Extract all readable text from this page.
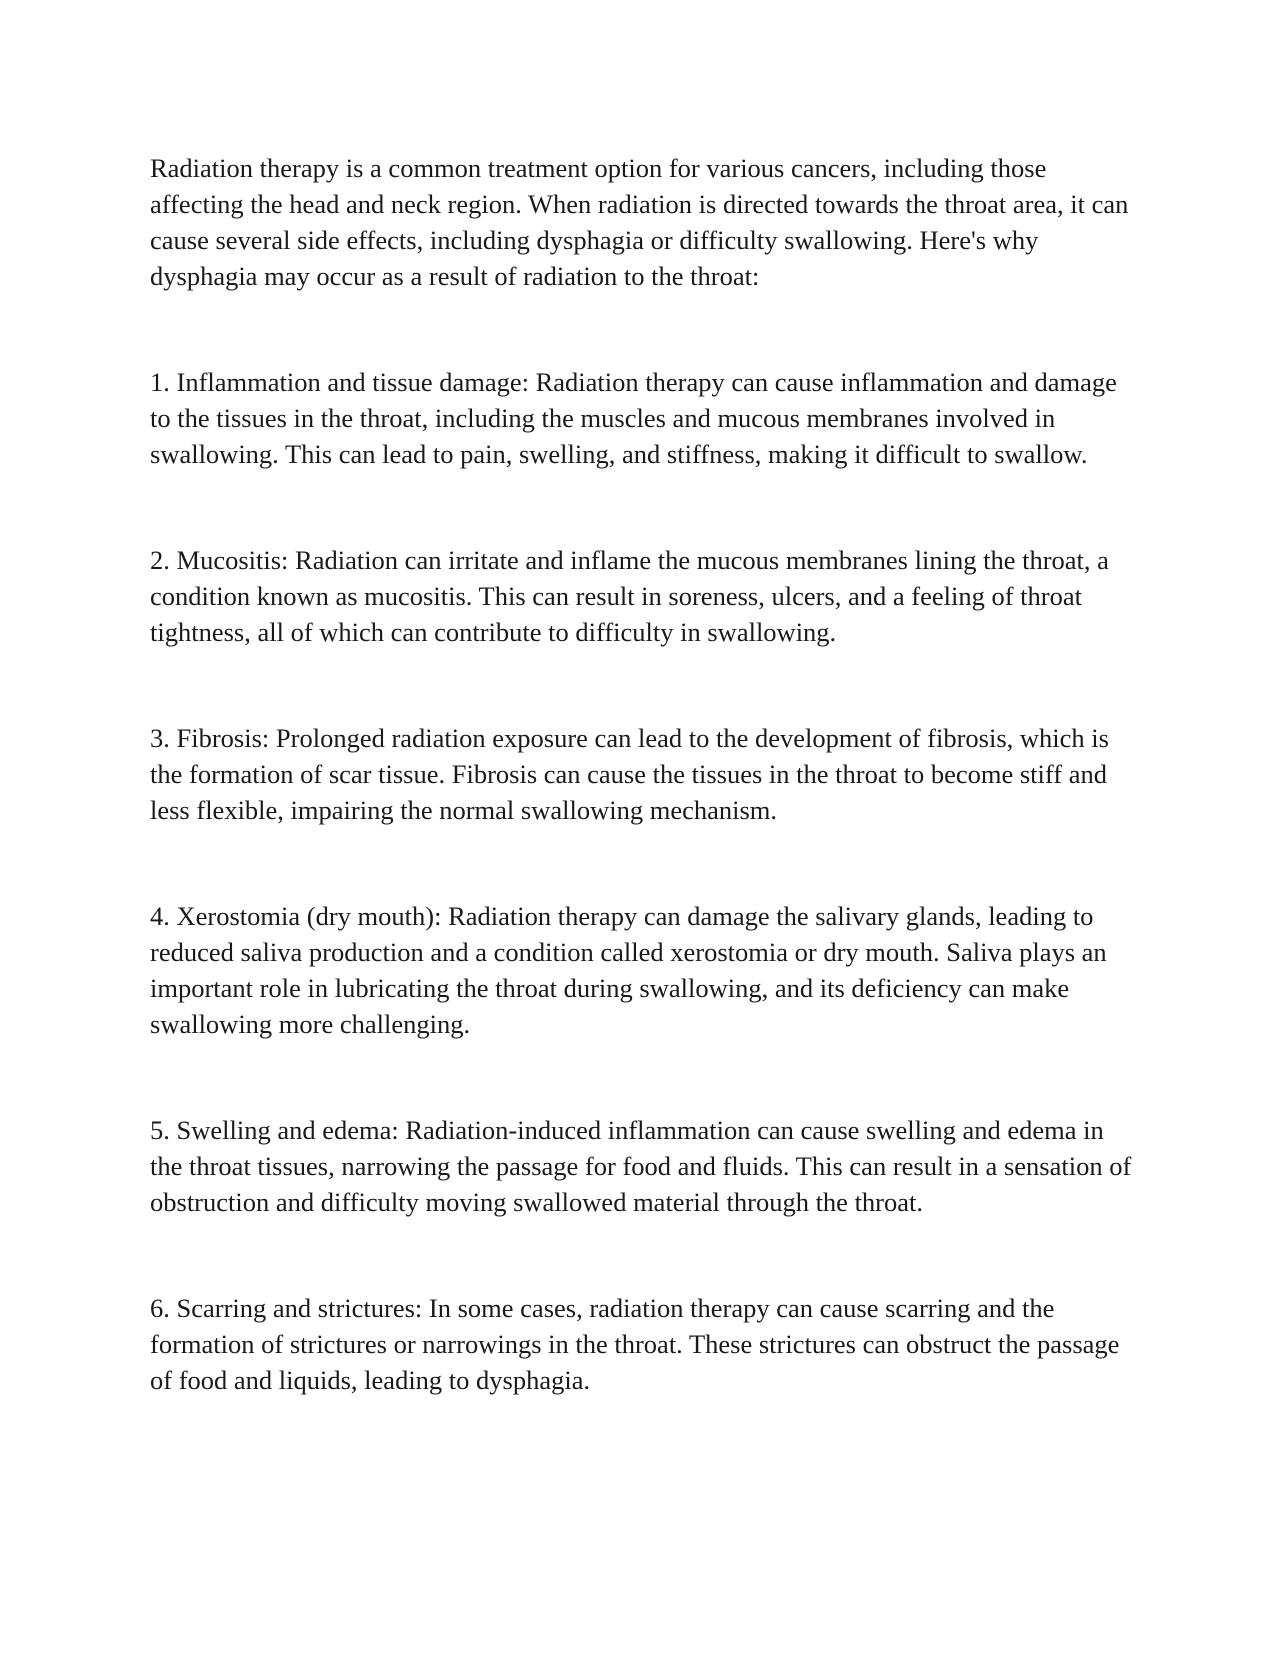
Radiation therapy is a common treatment option for various cancers, including those affecting the head and neck region. When radiation is directed towards the throat area, it can cause several side effects, including dysphagia or difficulty swallowing. Here's why dysphagia may occur as a result of radiation to the throat:

1. Inflammation and tissue damage: Radiation therapy can cause inflammation and damage to the tissues in the throat, including the muscles and mucous membranes involved in swallowing. This can lead to pain, swelling, and stiffness, making it difficult to swallow.

2. Mucositis: Radiation can irritate and inflame the mucous membranes lining the throat, a condition known as mucositis. This can result in soreness, ulcers, and a feeling of throat tightness, all of which can contribute to difficulty in swallowing.

3. Fibrosis: Prolonged radiation exposure can lead to the development of fibrosis, which is the formation of scar tissue. Fibrosis can cause the tissues in the throat to become stiff and less flexible, impairing the normal swallowing mechanism.

4. Xerostomia (dry mouth): Radiation therapy can damage the salivary glands, leading to reduced saliva production and a condition called xerostomia or dry mouth. Saliva plays an important role in lubricating the throat during swallowing, and its deficiency can make swallowing more challenging.

5. Swelling and edema: Radiation-induced inflammation can cause swelling and edema in the throat tissues, narrowing the passage for food and fluids. This can result in a sensation of obstruction and difficulty moving swallowed material through the throat.

6. Scarring and strictures: In some cases, radiation therapy can cause scarring and the formation of strictures or narrowings in the throat. These strictures can obstruct the passage of food and liquids, leading to dysphagia.
